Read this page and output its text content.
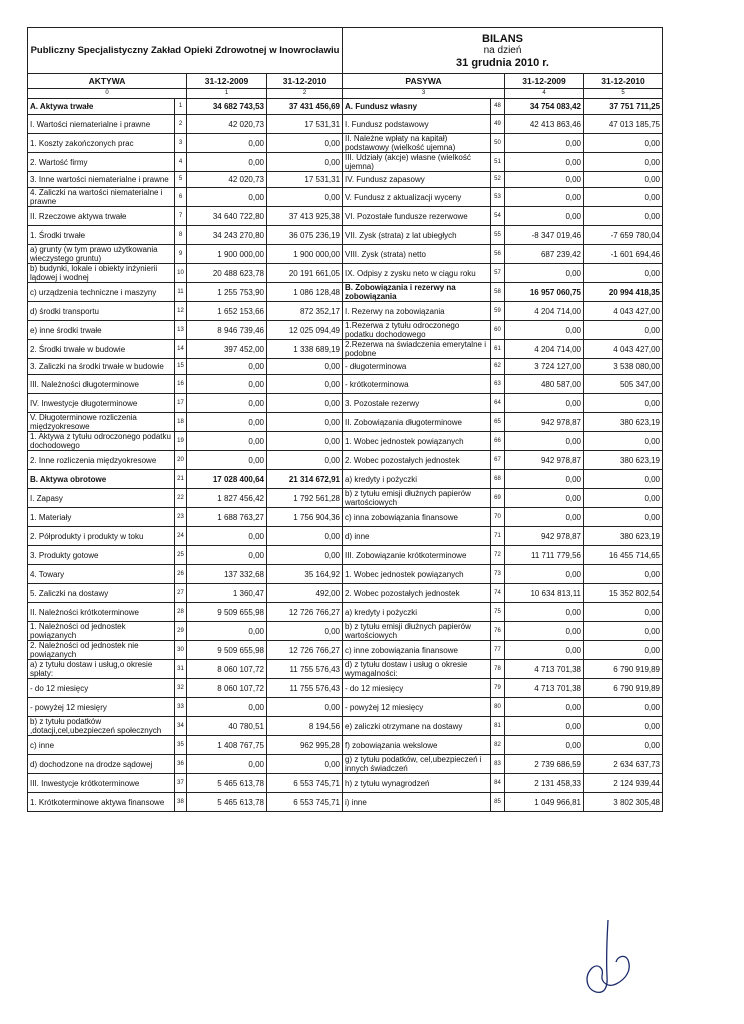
Publiczny Specjalistyczny Zakład Opieki Zdrowotnej w Inowrocławiu				BILANS
na dzień
31 grudnia 2010 r.			

AKTYWA		31-12-2009	31-12-2010	PASYWA		31-12-2009	31-12-2010
0		1	2	3		4	5
A. Aktywa trwałe	1	34 682 743,53	37 431 456,69	A. Fundusz własny	48	34 754 083,42	37 751 711,25
I. Wartości niematerialne i prawne	2	42 020,73	17 531,31	I. Fundusz podstawowy	49	42 413 863,46	47 013 185,75
1. Koszty zakończonych prac	3	0,00	0,00	II. Należne wpłaty na kapitał) podstawowy (wielkość ujemna)	50	0,00	0,00
2. Wartość firmy	4	0,00	0,00	III. Udziały (akcje) własne (wielkość ujemna)	51	0,00	0,00
3. Inne wartości niematerialne i prawne	5	42 020,73	17 531,31	IV. Fundusz zapasowy	52	0,00	0,00
4. Zaliczki na wartości niematerialne i prawne	6	0,00	0,00	V. Fundusz z aktualizacji wyceny	53	0,00	0,00
II. Rzeczowe aktywa trwałe	7	34 640 722,80	37 413 925,38	VI. Pozostałe fundusze rezerwowe	54	0,00	0,00
1. Środki trwałe	8	34 243 270,80	36 075 236,19	VII. Zysk (strata) z lat ubiegłych	55	-8 347 019,46	-7 659 780,04
a) grunty (w tym prawo użytkowania wieczystego gruntu)	9	1 900 000,00	1 900 000,00	VIII. Zysk (strata) netto	56	687 239,42	-1 601 694,46
b) budynki, lokale i obiekty inżynierii lądowej i wodnej	10	20 488 623,78	20 191 661,05	IX. Odpisy z zysku neto w ciągu roku	57	0,00	0,00
c) urządzenia techniczne i maszyny	11	1 255 753,90	1 086 128,48	B. Zobowiązania i rezerwy na zobowiązania	58	16 957 060,75	20 994 418,35
d) środki transportu	12	1 652 153,66	872 352,17	I. Rezerwy na zobowiązania	59	4 204 714,00	4 043 427,00
e) inne środki trwałe	13	8 946 739,46	12 025 094,49	1.Rezerwa z tytułu odroczonego podatku dochodowego	60	0,00	0,00
2. Środki trwałe w budowie	14	397 452,00	1 338 689,19	2.Rezerwa na świadczenia emerytalne i podobne	61	4 204 714,00	4 043 427,00
3. Zaliczki na środki trwałe w budowie	15	0,00	0,00	- długoterminowa	62	3 724 127,00	3 538 080,00
III. Należności długoterminowe	16	0,00	0,00	- krótkoterminowa	63	480 587,00	505 347,00
IV. Inwestycje długoterminowe	17	0,00	0,00	3. Pozostałe rezerwy	64	0,00	0,00
V. Długoterminowe rozliczenia międzyokresowe	18	0,00	0,00	II. Zobowiązania długoterminowe	65	942 978,87	380 623,19
1. Aktywa z tytułu odroczonego podatku dochodowego	19	0,00	0,00	1. Wobec jednostek powiązanych	66	0,00	0,00
2. Inne rozliczenia międzyokresowe	20	0,00	0,00	2. Wobec pozostałych jednostek	67	942 978,87	380 623,19
B. Aktywa obrotowe	21	17 028 400,64	21 314 672,91	a) kredyty i pożyczki	68	0,00	0,00
I. Zapasy	22	1 827 456,42	1 792 561,28	b) z tytułu emisji dłużnych papierów wartościowych	69	0,00	0,00
1. Materiały	23	1 688 763,27	1 756 904,36	c) inna zobowiązania finansowe	70	0,00	0,00
2. Półprodukty i produkty w toku	24	0,00	0,00	d) inne	71	942 978,87	380 623,19
3. Produkty gotowe	25	0,00	0,00	III. Zobowiązanie krótkoterminowe	72	11 711 779,56	16 455 714,65
4. Towary	26	137 332,68	35 164,92	1. Wobec jednostek powiązanych	73	0,00	0,00
5. Zaliczki na dostawy	27	1 360,47	492,00	2. Wobec pozostałych jednostek	74	10 634 813,11	15 352 802,54
II. Należności krótkoterminowe	28	9 509 655,98	12 726 766,27	a) kredyty i pożyczki	75	0,00	0,00
1. Należności od jednostek powiązanych	29	0,00	0,00	b) z tytułu emisji dłużnych papierów wartościowych	76	0,00	0,00
2. Należności od jednostek nie powiązanych	30	9 509 655,98	12 726 766,27	c) inne zobowiązania finansowe	77	0,00	0,00
a) z tytułu dostaw i usług,o okresie spłaty:	31	8 060 107,72	11 755 576,43	d) z tytułu dostaw i usług o okresie wymagalności:	78	4 713 701,38	6 790 919,89
- do 12 miesięcy	32	8 060 107,72	11 755 576,43	- do 12 miesięcy	79	4 713 701,38	6 790 919,89
- powyżej 12 miesięry	33	0,00	0,00	- powyżej 12 miesięcy	80	0,00	0,00
b) z tytułu podatków ,dotacji,cel,ubezpieczeń społecznych	34	40 780,51	8 194,56	e) zaliczki otrzymane na dostawy	81	0,00	0,00
c) inne	35	1 408 767,75	962 995,28	f) zobowiązania wekslowe	82	0,00	0,00
d) dochodzone na drodze sądowej	36	0,00	0,00	g) z tytułu podatków, cel,ubezpieczeń i innych świadczeń	83	2 739 686,59	2 634 637,73
III. Inwestycje krótkoterminowe	37	5 465 613,78	6 553 745,71	h) z tytułu wynagrodzeń	84	2 131 458,33	2 124 939,44
1. Krótkoterminowe aktywa finansowe	38	5 465 613,78	6 553 745,71	i) inne	85	1 049 966,81	3 802 305,48
